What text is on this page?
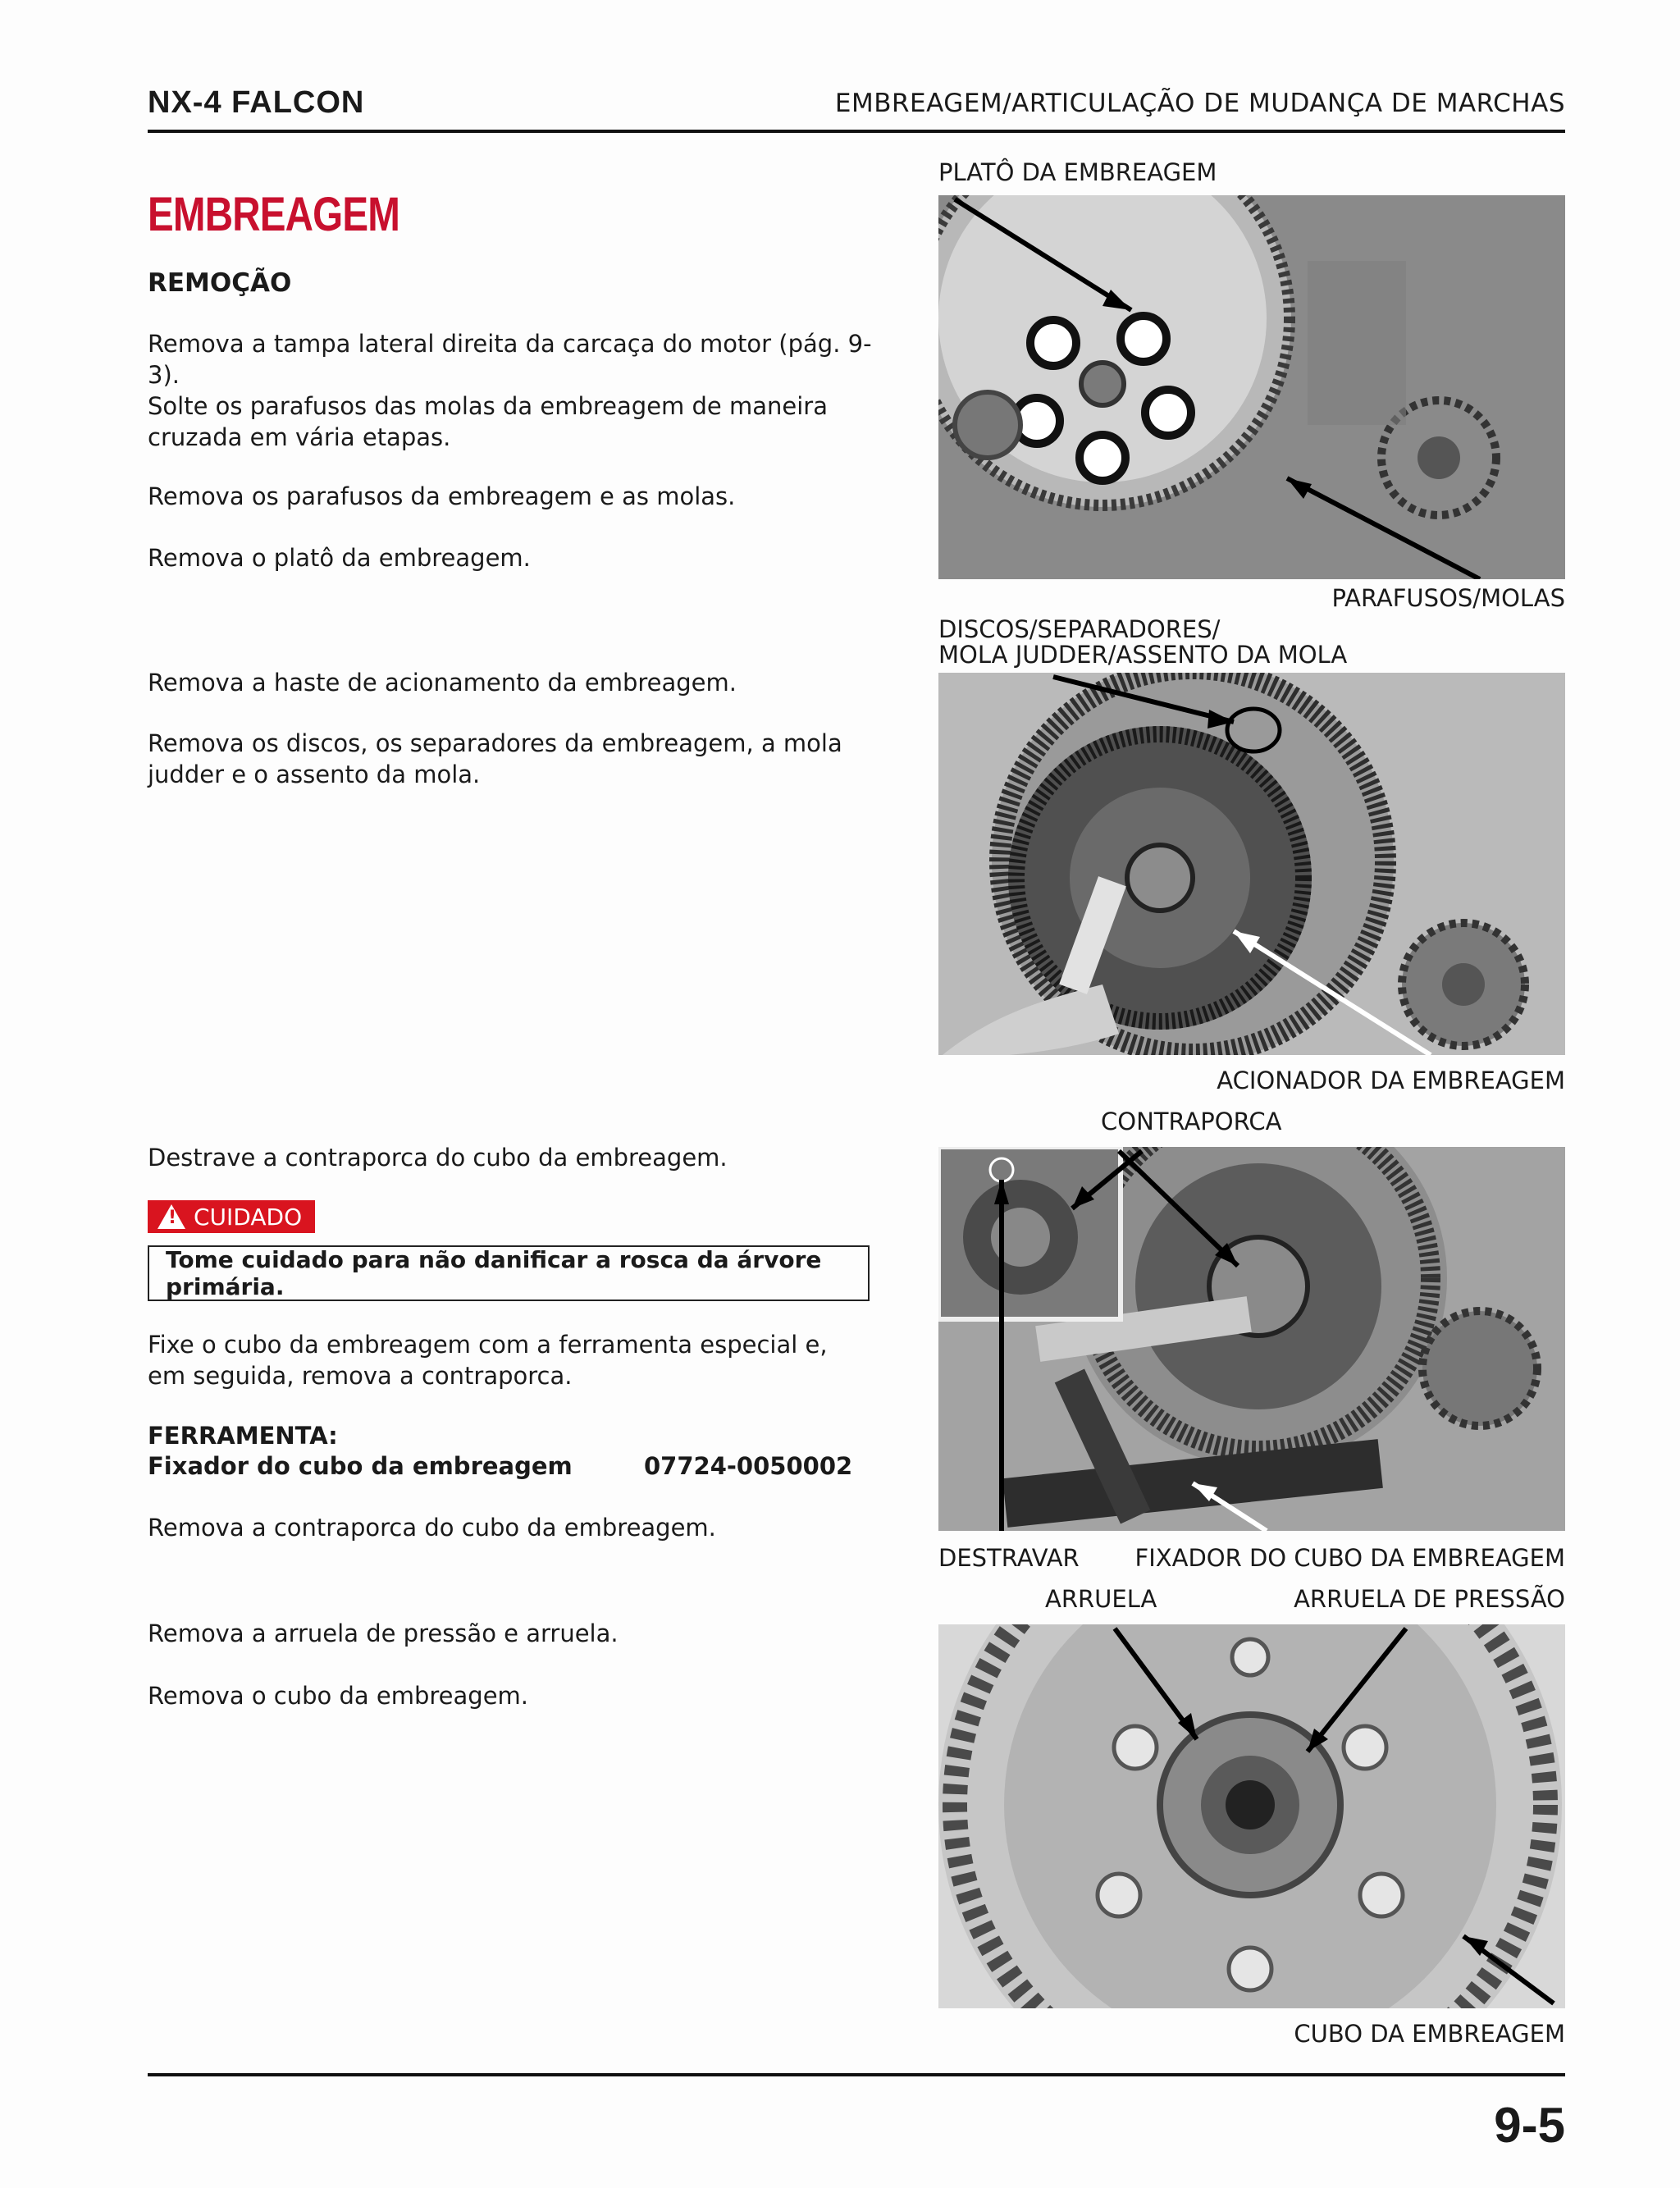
NX-4 FALCON	EMBREAGEM/ARTICULAÇÃO DE MUDANÇA DE MARCHAS
EMBREAGEM
REMOÇÃO
Remova a tampa lateral direita da carcaça do motor (pág. 9-3).
Solte os parafusos das molas da embreagem de maneira cruzada em vária etapas.
Remova os parafusos da embreagem e as molas.
Remova o platô da embreagem.
Remova a haste de acionamento da embreagem.
Remova os discos, os separadores da embreagem, a mola judder e o assento da mola.
Destrave a contraporca do cubo da embreagem.
! CUIDADO
Tome cuidado para não danificar a rosca da árvore primária.
Fixe o cubo da embreagem com a ferramenta especial e, em seguida, remova a contraporca.
FERRAMENTA:
Fixador do cubo da embreagem	07724-0050002
Remova a contraporca do cubo da embreagem.
Remova a arruela de pressão e arruela.
Remova o cubo da embreagem.
PLATÔ DA EMBREAGEM
PARAFUSOS/MOLAS
DISCOS/SEPARADORES/
MOLA JUDDER/ASSENTO DA MOLA
ACIONADOR DA EMBREAGEM
CONTRAPORCA
DESTRAVAR FIXADOR DO CUBO DA EMBREAGEM
ARRUELA	ARRUELA DE PRESSÃO
CUBO DA EMBREAGEM
9-5
